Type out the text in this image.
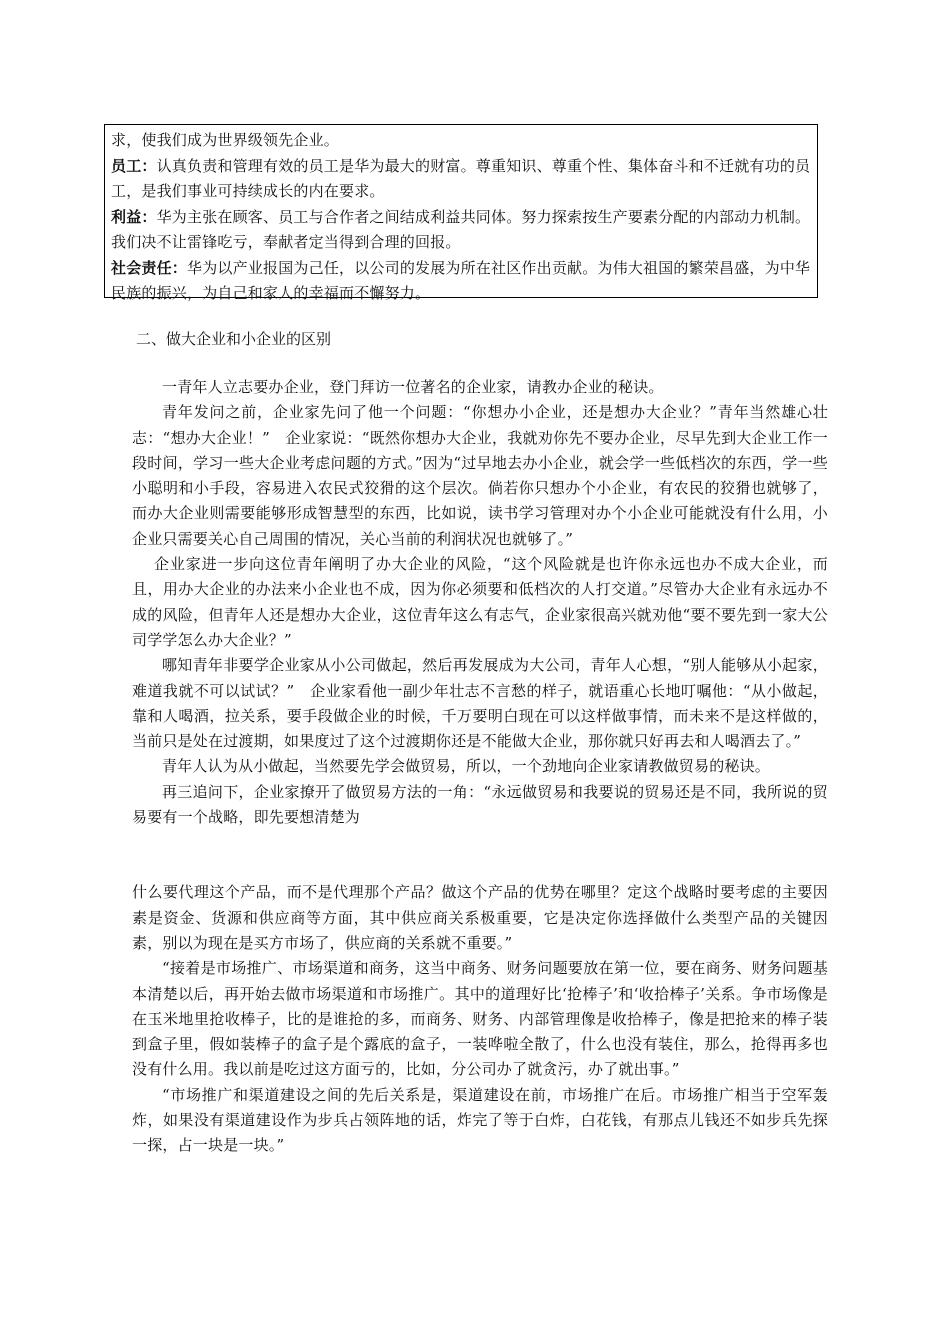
求，使我们成为世界级领先企业。

员工：认真负责和管理有效的员工是华为最大的财富。尊重知识、尊重个性、集体奋斗和不迁就有功的员工，是我们事业可持续成长的内在要求。

利益：华为主张在顾客、员工与合作者之间结成利益共同体。努力探索按生产要素分配的内部动力机制。我们决不让雷锋吃亏，奉献者定当得到合理的回报。

社会责任：华为以产业报国为己任，以公司的发展为所在社区作出贡献。为伟大祖国的繁荣昌盛，为中华民族的振兴，为自己和家人的幸福而不懈努力。

二、做大企业和小企业的区别

一青年人立志要办企业，登门拜访一位著名的企业家，请教办企业的秘诀。

青年发问之前，企业家先问了他一个问题：“你想办小企业，还是想办大企业？”青年当然雄心壮志：“想办大企业！”　企业家说：“既然你想办大企业，我就劝你先不要办企业，尽早先到大企业工作一段时间，学习一些大企业考虑问题的方式。”因为“过早地去办小企业，就会学一些低档次的东西，学一些小聪明和小手段，容易进入农民式狡猾的这个层次。倘若你只想办个小企业，有农民的狡猾也就够了，而办大企业则需要能够形成智慧型的东西，比如说，读书学习管理对办个小企业可能就没有什么用，小企业只需要关心自己周围的情况，关心当前的利润状况也就够了。”

企业家进一步向这位青年阐明了办大企业的风险，“这个风险就是也许你永远也办不成大企业，而且，用办大企业的办法来小企业也不成，因为你必须要和低档次的人打交道。”尽管办大企业有永远办不成的风险，但青年人还是想办大企业，这位青年这么有志气，企业家很高兴就劝他“要不要先到一家大公司学学怎么办大企业？”

哪知青年非要学企业家从小公司做起，然后再发展成为大公司，青年人心想，“别人能够从小起家，难道我就不可以试试？”　企业家看他一副少年壮志不言愁的样子，就语重心长地叮嘱他：“从小做起，靠和人喝酒，拉关系，要手段做企业的时候，千万要明白现在可以这样做事情，而未来不是这样做的，当前只是处在过渡期，如果度过了这个过渡期你还是不能做大企业，那你就只好再去和人喝酒去了。”

青年人认为从小做起，当然要先学会做贸易，所以，一个劲地向企业家请教做贸易的秘诀。

再三追问下，企业家撩开了做贸易方法的一角：“永远做贸易和我要说的贸易还是不同，我所说的贸易要有一个战略，即先要想清楚为

什么要代理这个产品，而不是代理那个产品？做这个产品的优势在哪里？定这个战略时要考虑的主要因素是资金、货源和供应商等方面，其中供应商关系极重要，它是决定你选择做什么类型产品的关键因素，别以为现在是买方市场了，供应商的关系就不重要。”

“接着是市场推广、市场渠道和商务，这当中商务、财务问题要放在第一位，要在商务、财务问题基本清楚以后，再开始去做市场渠道和市场推广。其中的道理好比‘抢棒子’和‘收拾棒子’关系。争市场像是在玉米地里抢收棒子，比的是谁抢的多，而商务、财务、内部管理像是收拾棒子，像是把抢来的棒子装到盒子里，假如装棒子的盒子是个露底的盒子，一装哗啦全散了，什么也没有装住，那么，抢得再多也没有什么用。我以前是吃过这方面亏的，比如，分公司办了就贪污，办了就出事。”

“市场推广和渠道建设之间的先后关系是，渠道建设在前，市场推广在后。市场推广相当于空军轰炸，如果没有渠道建设作为步兵占领阵地的话，炸完了等于白炸，白花钱，有那点儿钱还不如步兵先探一探，占一块是一块。”
